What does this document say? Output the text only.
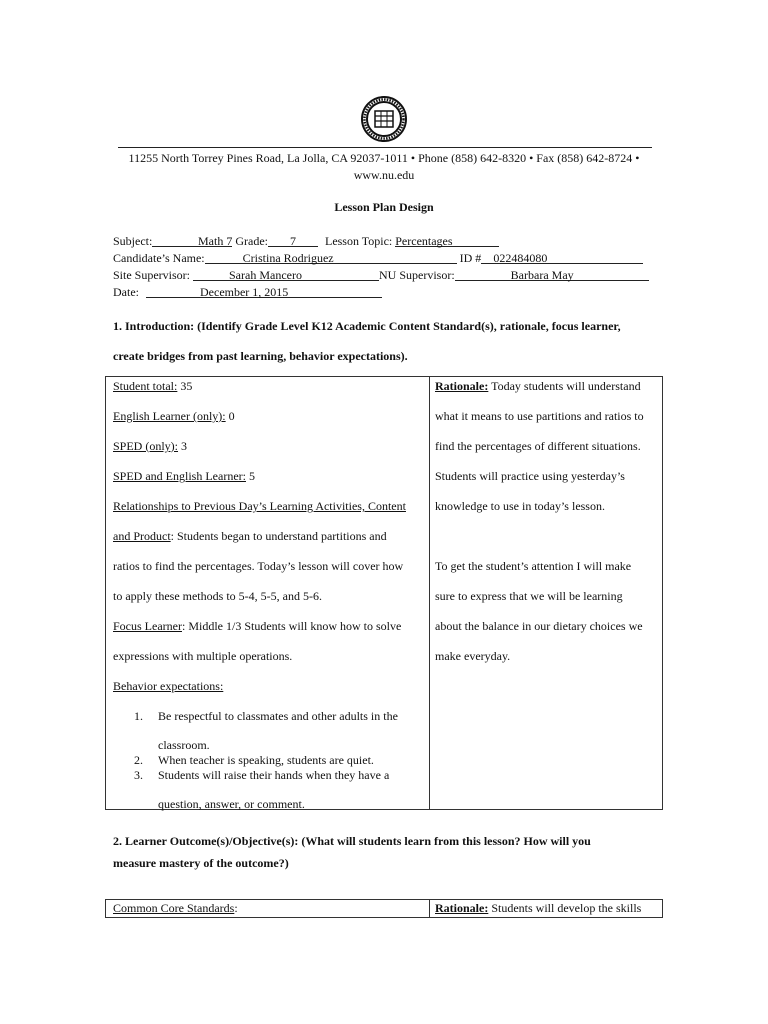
11255 North Torrey Pines Road, La Jolla, CA 92037-1011 • Phone (858) 642-8320 • Fax (858) 642-8724 •
www.nu.edu
Lesson Plan Design
Subject:	Math 7 Grade: 7 Lesson Topic: Percentages
Candidate’s Name:	Cristina Rodriguez	ID # 022484080
Site Supervisor:	Sarah Mancero	NU Supervisor:	Barbara May
Date:	December 1, 2015
1. Introduction: (Identify Grade Level K12 Academic Content Standard(s), rationale, focus learner,
create bridges from past learning, behavior expectations).
Student total: 35
English Learner (only): 0
SPED (only): 3
SPED and English Learner: 5
Relationships to Previous Day’s Learning Activities, Content
and Product: Students began to understand partitions and
ratios to find the percentages. Today’s lesson will cover how
to apply these methods to 5-4, 5-5, and 5-6.
Focus Learner: Middle 1/3 Students will know how to solve
expressions with multiple operations.
Behavior expectations:
1. Be respectful to classmates and other adults in the
classroom.
2. When teacher is speaking, students are quiet.
3. Students will raise their hands when they have a
question, answer, or comment.

Rationale: Today students will understand
what it means to use partitions and ratios to
find the percentages of different situations.
Students will practice using yesterday’s
knowledge to use in today’s lesson.
To get the student’s attention I will make
sure to express that we will be learning
about the balance in our dietary choices we
make everyday.
2. Learner Outcome(s)/Objective(s): (What will students learn from this lesson? How will you
measure mastery of the outcome?)
Common Core Standards:	Rationale: Students will develop the skills
